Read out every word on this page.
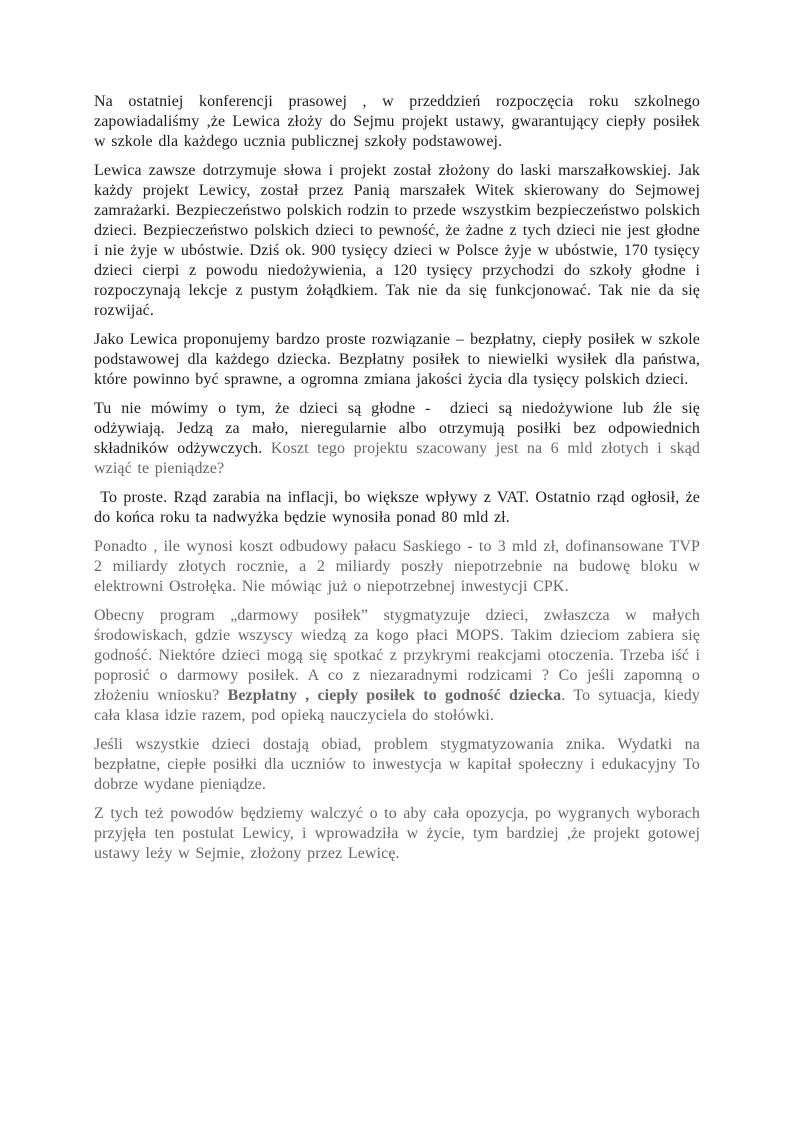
Na ostatniej konferencji prasowej , w przeddzień rozpoczęcia roku szkolnego zapowiadaliśmy ,że Lewica złoży do Sejmu projekt ustawy, gwarantujący ciepły posiłek w szkole dla każdego ucznia publicznej szkoły podstawowej.

Lewica zawsze dotrzymuje słowa i projekt został złożony do laski marszałkowskiej. Jak każdy projekt Lewicy, został przez Panią marszałek Witek skierowany do Sejmowej zamrażarki. Bezpieczeństwo polskich rodzin to przede wszystkim bezpieczeństwo polskich dzieci. Bezpieczeństwo polskich dzieci to pewność, że żadne z tych dzieci nie jest głodne i nie żyje w ubóstwie. Dziś ok. 900 tysięcy dzieci w Polsce żyje w ubóstwie, 170 tysięcy dzieci cierpi z powodu niedożywienia, a 120 tysięcy przychodzi do szkoły głodne i rozpoczynają lekcje z pustym żołądkiem. Tak nie da się funkcjonować. Tak nie da się rozwijać.

Jako Lewica proponujemy bardzo proste rozwiązanie – bezpłatny, ciepły posiłek w szkole podstawowej dla każdego dziecka. Bezpłatny posiłek to niewielki wysiłek dla państwa, które powinno być sprawne, a ogromna zmiana jakości życia dla tysięcy polskich dzieci.

Tu nie mówimy o tym, że dzieci są głodne -  dzieci są niedożywione lub źle się odżywiają. Jedzą za mało, nieregularnie albo otrzymują posiłki bez odpowiednich składników odżywczych. Koszt tego projektu szacowany jest na 6 mld złotych i skąd wziąć te pieniądze?

To proste. Rząd zarabia na inflacji, bo większe wpływy z VAT. Ostatnio rząd ogłosił, że do końca roku ta nadwyżka będzie wynosiła ponad 80 mld zł.

Ponadto , ile wynosi koszt odbudowy pałacu Saskiego - to 3 mld zł, dofinansowane TVP 2 miliardy złotych rocznie, a 2 miliardy poszły niepotrzebnie na budowę bloku w elektrowni Ostrołęka. Nie mówiąc już o niepotrzebnej inwestycji CPK.

Obecny program „darmowy posiłek” stygmatyzuje dzieci, zwłaszcza w małych środowiskach, gdzie wszyscy wiedzą za kogo płaci MOPS. Takim dzieciom zabiera się godność. Niektóre dzieci mogą się spotkać z przykrymi reakcjami otoczenia. Trzeba iść i poprosić o darmowy posiłek. A co z niezaradnymi rodzicami ? Co jeśli zapomną o złożeniu wniosku? Bezpłatny , ciepły posiłek to godność dziecka. To sytuacja, kiedy cała klasa idzie razem, pod opieką nauczyciela do stołówki.

Jeśli wszystkie dzieci dostają obiad, problem stygmatyzowania znika. Wydatki na bezpłatne, ciepłe posiłki dla uczniów to inwestycja w kapitał społeczny i edukacyjny To dobrze wydane pieniądze.

Z tych też powodów będziemy walczyć o to aby cała opozycja, po wygranych wyborach przyjęła ten postulat Lewicy, i wprowadziła w życie, tym bardziej ,że projekt gotowej ustawy leży w Sejmie, złożony przez Lewicę.
